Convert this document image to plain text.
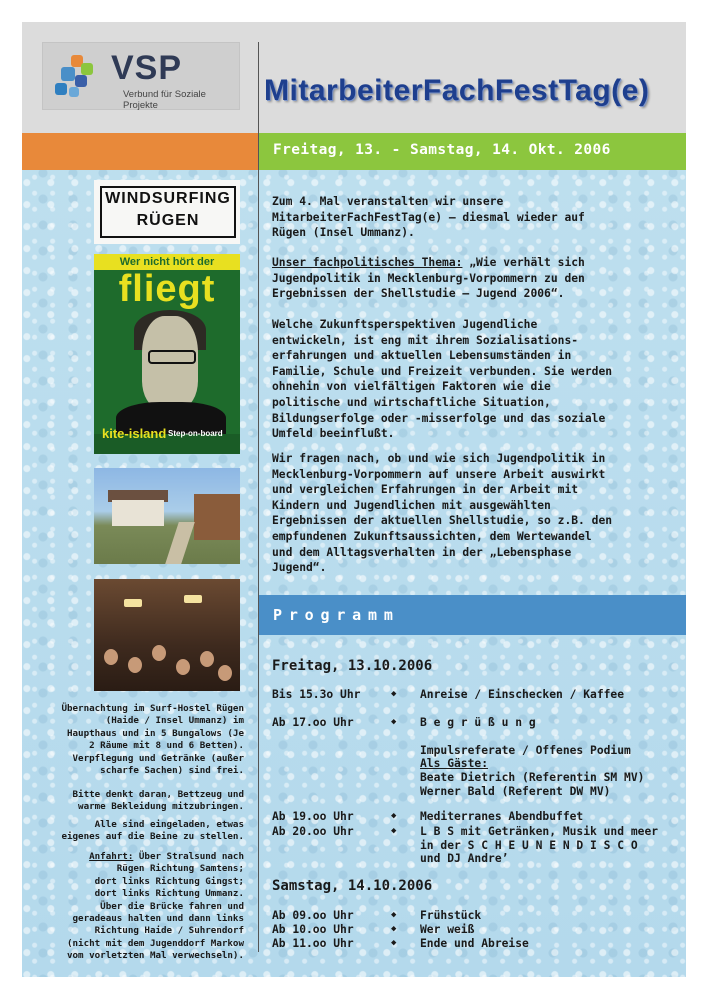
VSP
Verbund für Soziale Projekte	MitarbeiterFachFestTag(e)
Freitag, 13. - Samstag, 14. Okt. 2006
WINDSURFING
RÜGEN
Wer nicht hört der
fliegt
kite-island Step-on-board
Übernachtung im Surf-Hostel Rügen
(Haide / Insel Ummanz) im
Haupthaus und in 5 Bungalows (Je
2 Räume mit 8 und 6 Betten).
Verpflegung und Getränke (außer
scharfe Sachen) sind frei.
Bitte denkt daran, Bettzeug und
warme Bekleidung mitzubringen.
Alle sind eingeladen, etwas
eigenes auf die Beine zu stellen.
Anfahrt: Über Stralsund nach
Rügen Richtung Samtens;
dort links Richtung Gingst;
dort links Richtung Ummanz.
Über die Brücke fahren und
geradeaus halten und dann links
Richtung Haide / Suhrendorf
(nicht mit dem Jugenddorf Markow
vom vorletzten Mal verwechseln).
Zum 4. Mal veranstalten wir unsere
MitarbeiterFachFestTag(e) – diesmal wieder auf
Rügen (Insel Ummanz).
Unser fachpolitisches Thema: „Wie verhält sich
Jugendpolitik in Mecklenburg-Vorpommern zu den
Ergebnissen der Shellstudie – Jugend 2006“.
Welche Zukunftsperspektiven Jugendliche
entwickeln, ist eng mit ihrem Sozialisations-
erfahrungen und aktuellen Lebensumständen in
Familie, Schule und Freizeit verbunden. Sie werden
ohnehin von vielfältigen Faktoren wie die
politische und wirtschaftliche Situation,
Bildungserfolge oder -misserfolge und das soziale
Umfeld beeinflußt.
Wir fragen nach, ob und wie sich Jugendpolitik in
Mecklenburg-Vorpommern auf unsere Arbeit auswirkt
und vergleichen Erfahrungen in der Arbeit mit
Kindern und Jugendlichen mit ausgewählten
Ergebnissen der aktuellen Shellstudie, so z.B. den
empfundenen Zukunftsaussichten, dem Wertewandel
und dem Alltagsverhalten in der „Lebensphase
Jugend“.
Programm
Freitag, 13.10.2006
Bis 15.3o Uhr	◆ Anreise / Einschecken / Kaffee
Ab 17.oo Uhr	◆ B e g r ü ß u n g
Impulsreferate / Offenes Podium
Als Gäste:
Beate Dietrich (Referentin SM MV)
Werner Bald (Referent DW MV)
Ab 19.oo Uhr	◆ Mediterranes Abendbuffet
Ab 20.oo Uhr	◆ L B S mit Getränken, Musik und meer
in der S C H E U N E N D I S C O
und DJ Andre’
Samstag, 14.10.2006
Ab 09.oo Uhr	◆ Frühstück
Ab 10.oo Uhr	◆ Wer weiß
Ab 11.oo Uhr	◆ Ende und Abreise
